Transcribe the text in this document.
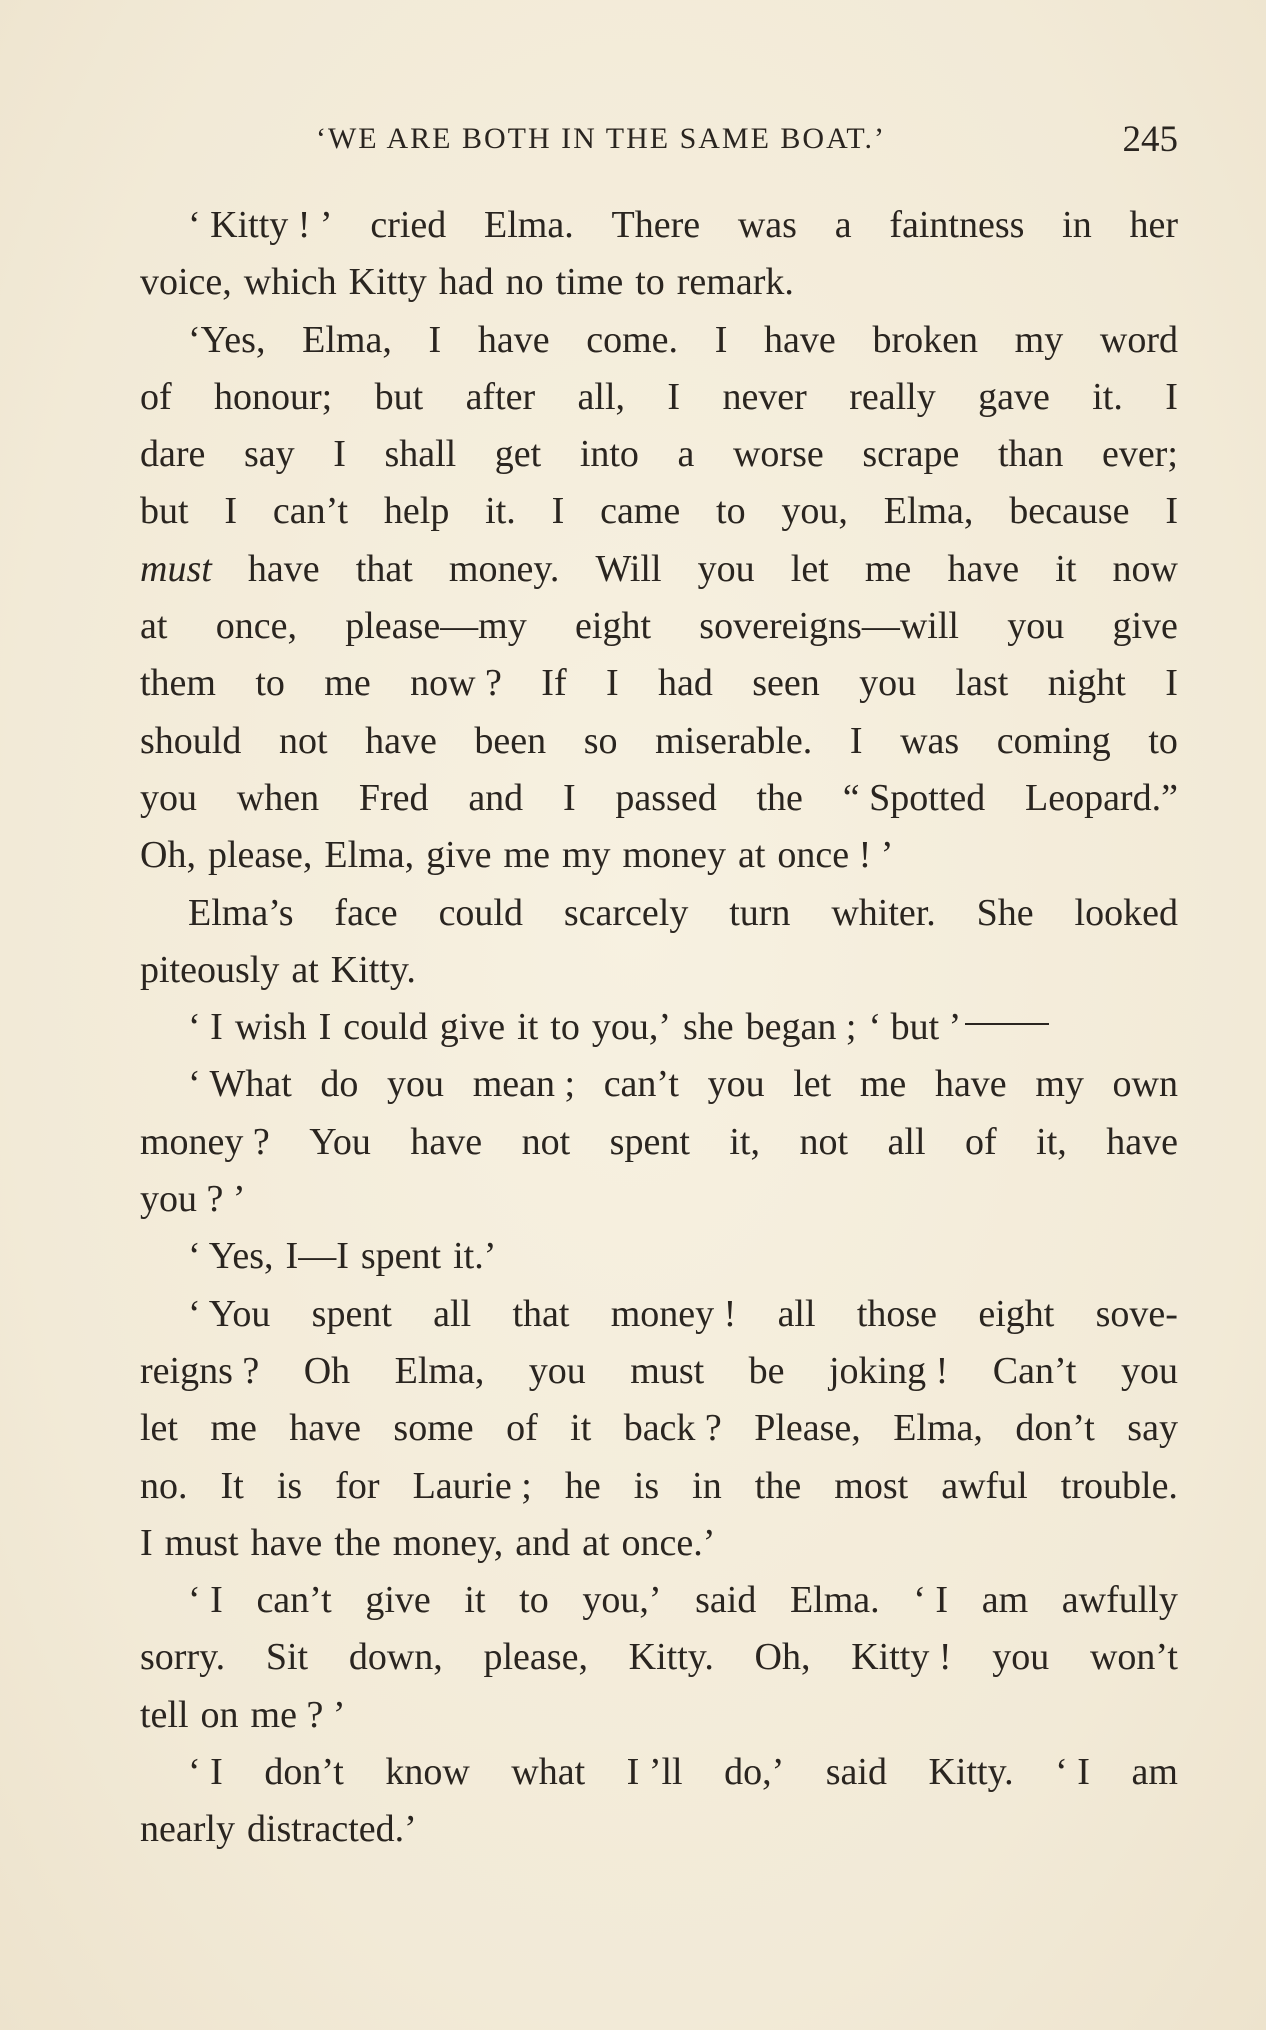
‘WE ARE BOTH IN THE SAME BOAT.’	245
‘ Kitty ! ’ cried Elma. There was a faintness in her
voice, which Kitty had no time to remark.
‘Yes, Elma, I have come. I have broken my word
of honour; but after all, I never really gave it. I
dare say I shall get into a worse scrape than ever;
but I can’t help it. I came to you, Elma, because I
must have that money. Will you let me have it now
at once, please—my eight sovereigns—will you give
them to me now ? If I had seen you last night I
should not have been so miserable. I was coming to
you when Fred and I passed the “ Spotted Leopard.”
Oh, please, Elma, give me my money at once ! ’
Elma’s face could scarcely turn whiter. She looked
piteously at Kitty.
‘ I wish I could give it to you,’ she began ; ‘ but ’
‘ What do you mean ; can’t you let me have my own
money ? You have not spent it, not all of it, have
you ? ’
‘ Yes, I—I spent it.’
‘ You spent all that money ! all those eight sove-
reigns ? Oh Elma, you must be joking ! Can’t you
let me have some of it back ? Please, Elma, don’t say
no. It is for Laurie ; he is in the most awful trouble.
I must have the money, and at once.’
‘ I can’t give it to you,’ said Elma. ‘ I am awfully
sorry. Sit down, please, Kitty. Oh, Kitty ! you won’t
tell on me ? ’
‘ I don’t know what I ’ll do,’ said Kitty. ‘ I am
nearly distracted.’
